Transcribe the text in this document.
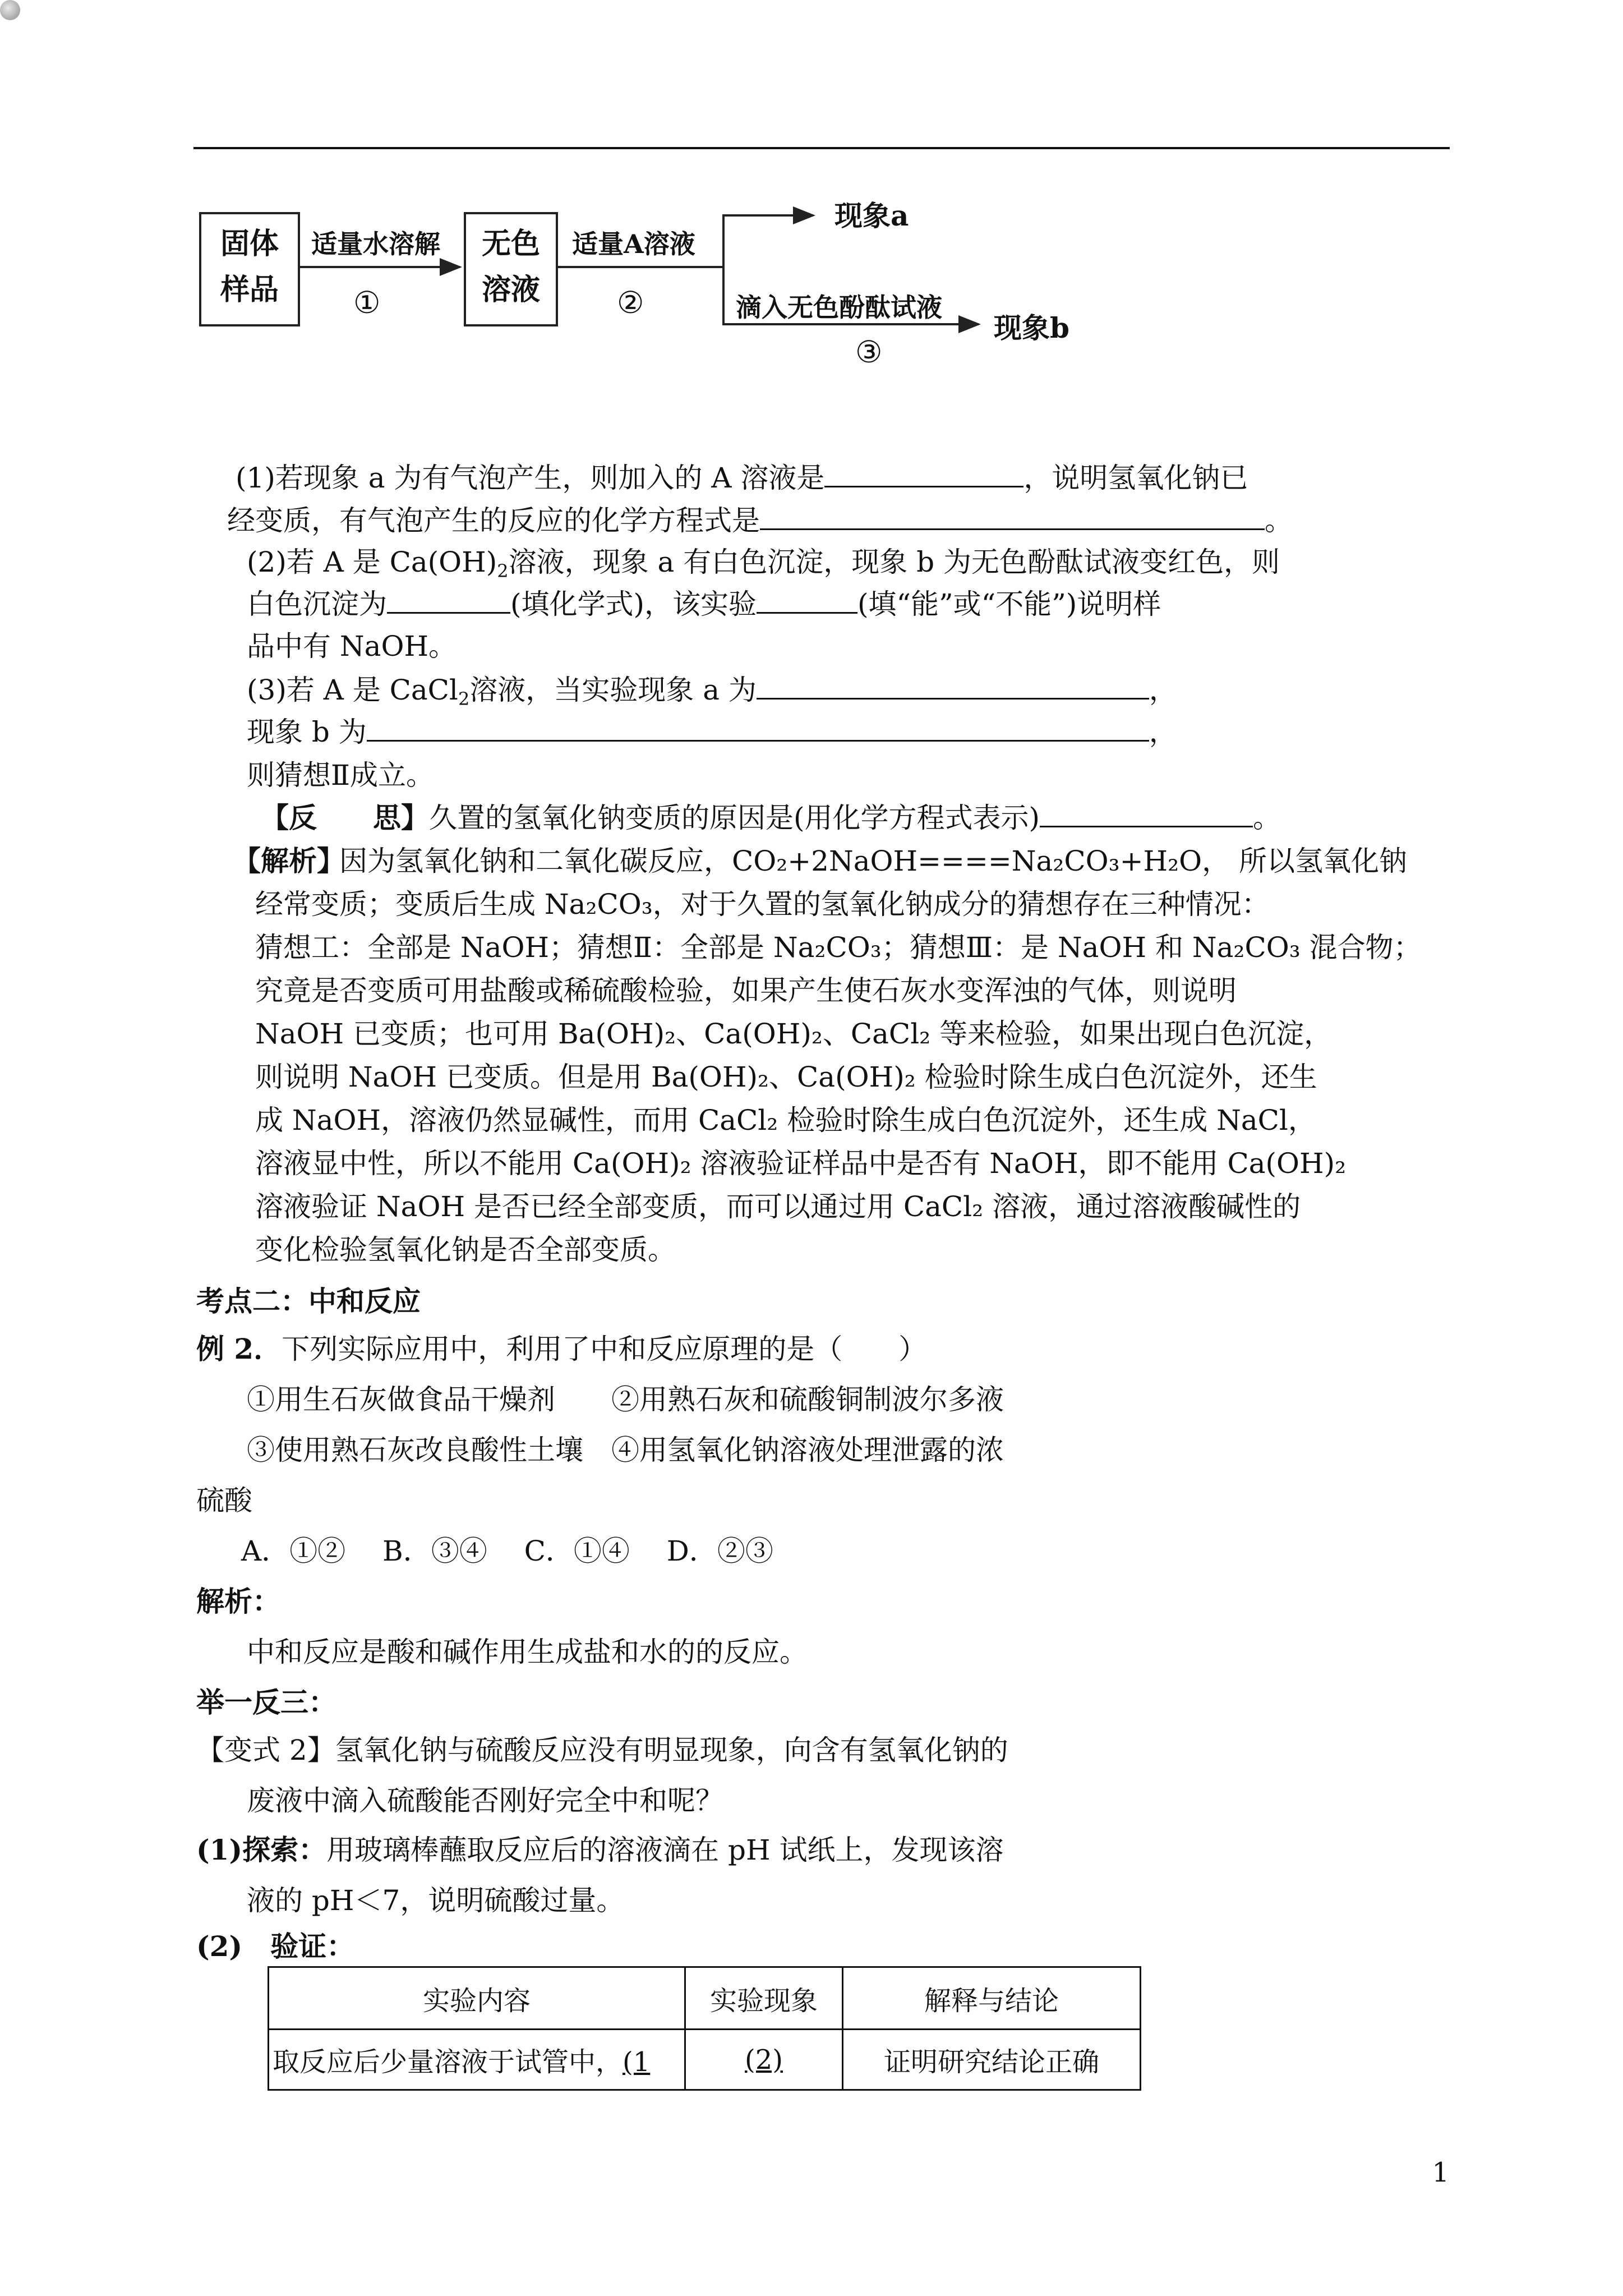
固体
样品
适量水溶解
①
无色
溶液
适量A溶液
②	滴入无色酚酞试液
③
现象a
现象b
(1)若现象 a 为有气泡产生，则加入的 A 溶液是	，说明氢氧化钠已
经变质，有气泡产生的反应的化学方程式是	。
(2)若 A 是 $Ca(OH)_2$溶液，现象 a 有白色沉淀，现象 b 为无色酚酞试液变红色，则
白色沉淀为	(填化学式)，该实验	(填“能”或“不能”)说明样
品中有 NaOH。
(3)若 A 是 CaCl$_2$溶液，当实验现象 a 为	，
现象 b 为	，
则猜想Ⅱ成立。
【反　　思】久置的氢氧化钠变质的原因是(用化学方程式表示)	。
【解析】
因为氢氧化钠和二氧化碳反应，CO₂+2NaOH====Na₂CO₃+H₂O， 所以氢氧化钠
经常变质；变质后生成 Na₂CO₃，对于久置的氢氧化钠成分的猜想存在三种情况：
猜想工：全部是 NaOH；猜想Ⅱ：全部是 Na₂CO₃；猜想Ⅲ：是 NaOH 和 Na₂CO₃ 混合物；
究竟是否变质可用盐酸或稀硫酸检验，如果产生使石灰水变浑浊的气体，则说明
NaOH 已变质；也可用 Ba(OH)₂、Ca(OH)₂、CaCl₂ 等来检验，如果出现白色沉淀，
则说明 NaOH 已变质。但是用 Ba(OH)₂、Ca(OH)₂ 检验时除生成白色沉淀外，还生
成 NaOH，溶液仍然显碱性，而用 CaCl₂ 检验时除生成白色沉淀外，还生成 NaCl，
溶液显中性，所以不能用 Ca(OH)₂ 溶液验证样品中是否有 NaOH，即不能用 Ca(OH)₂
溶液验证 NaOH 是否已经全部变质，而可以通过用 CaCl₂ 溶液，通过溶液酸碱性的
变化检验氢氧化钠是否全部变质。
考点二：中和反应
例 2．下列实际应用中，利用了中和反应原理的是（　　）
①用生石灰做食品干燥剂　　②用熟石灰和硫酸铜制波尔多液
③使用熟石灰改良酸性土壤　④用氢氧化钠溶液处理泄露的浓
硫酸
A．①②　 B．③④　 C．①④　 D．②③
解析：
中和反应是酸和碱作用生成盐和水的的反应。
举一反三：
【变式 2】氢氧化钠与硫酸反应没有明显现象，向含有氢氧化钠的
废液中滴入硫酸能否刚好完全中和呢？
(1)探索：用玻璃棒蘸取反应后的溶液滴在 pH 试纸上，发现该溶
液的 pH＜7，说明硫酸过量。
(2)　验证：
实验内容	实验现象	解释与结论
取反应后少量溶液于试管中，(1	(2)	证明研究结论正确
1
